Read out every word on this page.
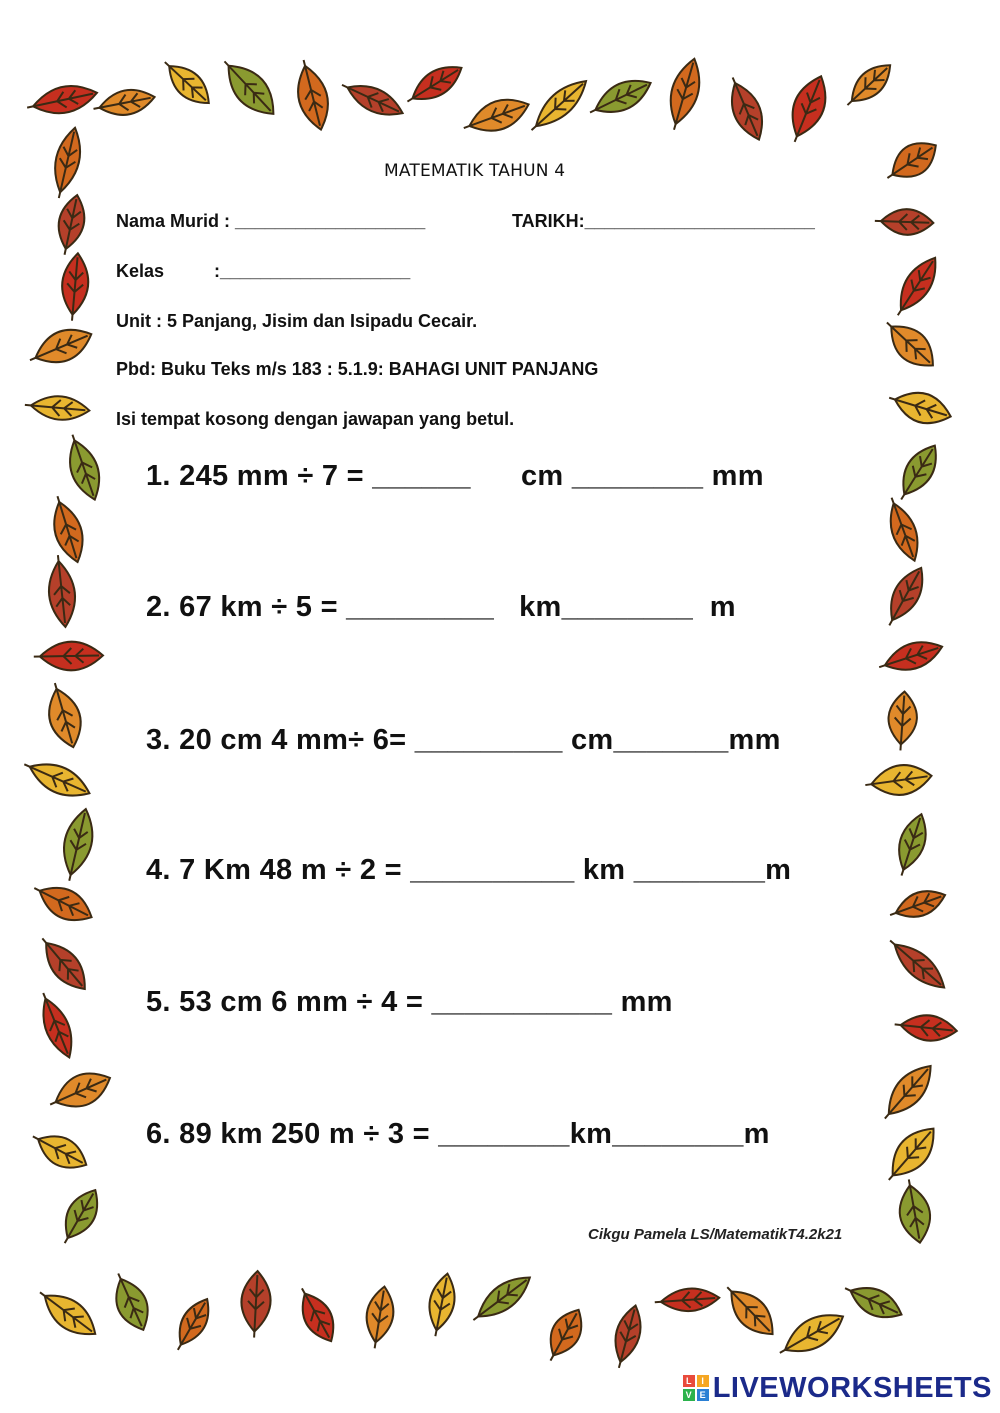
MATEMATIK TAHUN 4
Nama Murid : ___________________	TARIKH:_______________________
Kelas          :___________________
Unit : 5 Panjang, Jisim dan Isipadu Cecair.
Pbd: Buku Teks m/s 183 : 5.1.9: BAHAGI UNIT PANJANG
Isi tempat kosong dengan jawapan yang betul.
1. 245 mm ÷ 7 = ______      cm ________ mm
2. 67 km ÷ 5 = _________   km________  m
3. 20 cm 4 mm÷ 6= _________ cm_______mm
4. 7 Km 48 m ÷ 2 = __________ km ________m
5. 53 cm 6 mm ÷ 4 = ___________ mm
6. 89 km 250 m ÷ 3 = ________km________m
Cikgu Pamela LS/MatematikT4.2k21
L	I
V E LIVEWORKSHEETS
